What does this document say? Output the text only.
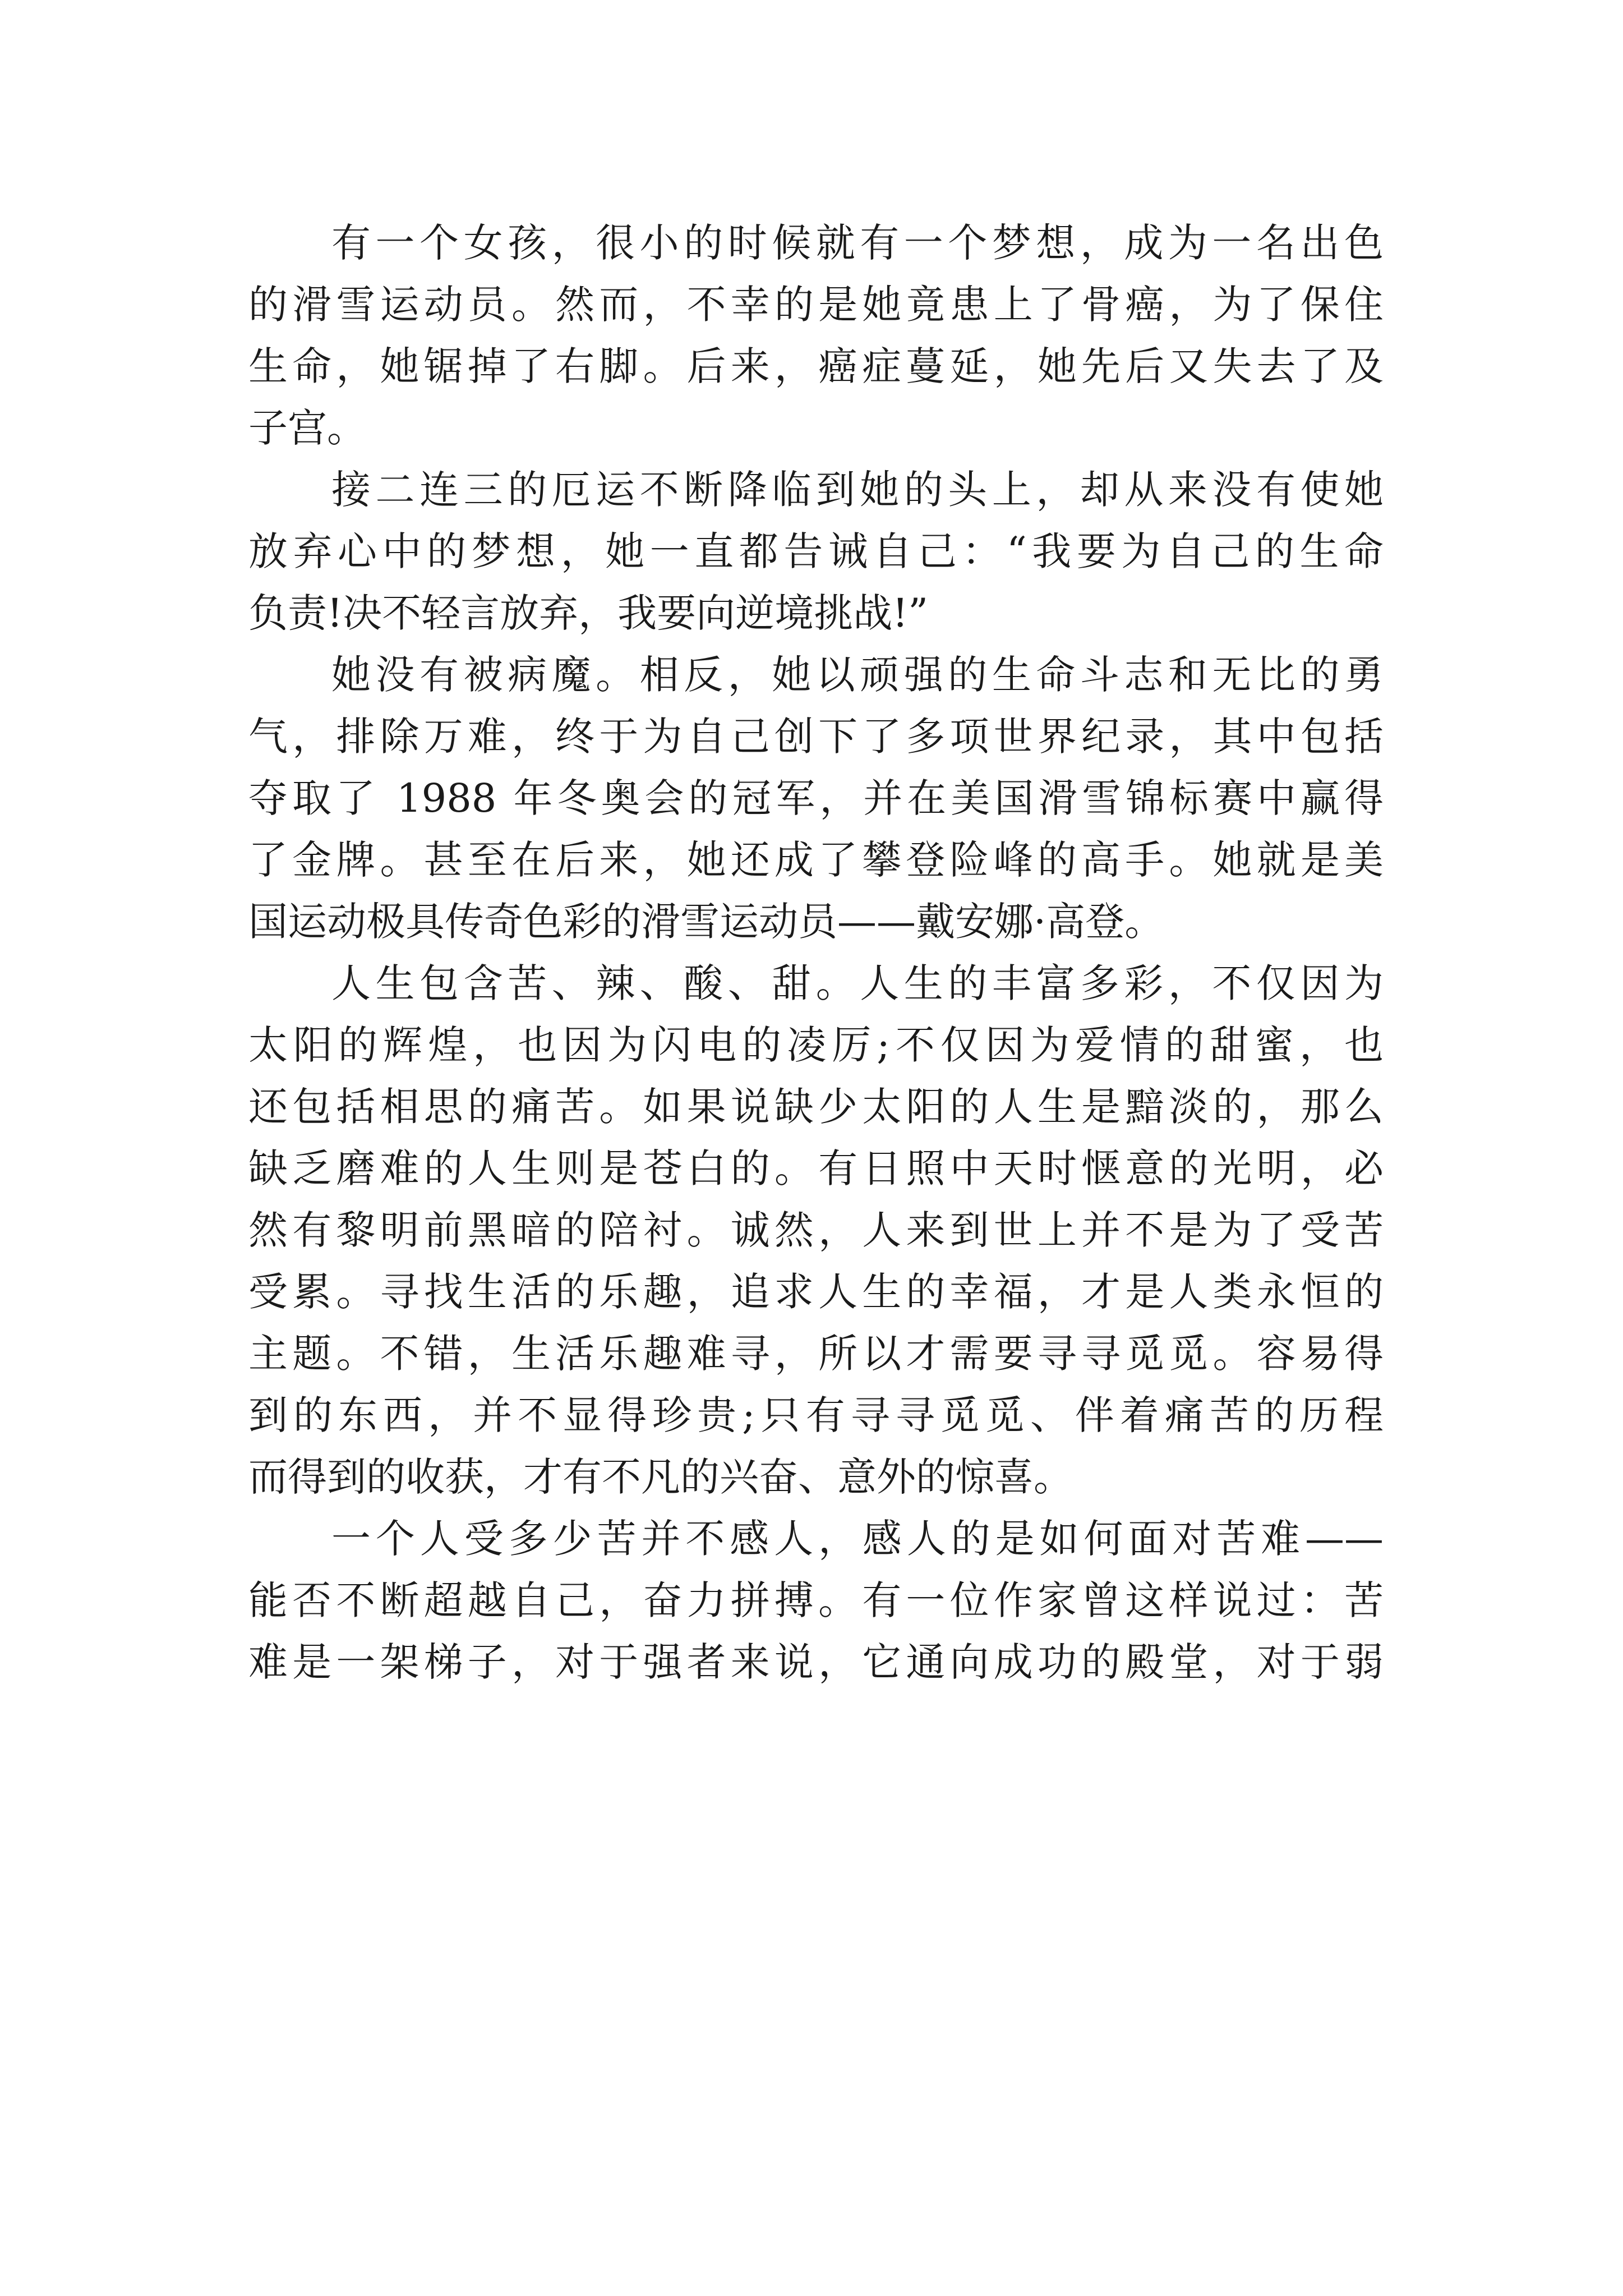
有一个女孩，很小的时候就有一个梦想，成为一名出色
的滑雪运动员。然而，不幸的是她竟患上了骨癌，为了保住
生命，她锯掉了右脚。后来，癌症蔓延，她先后又失去了及
子宫。
接二连三的厄运不断降临到她的头上，却从来没有使她
放弃心中的梦想，她一直都告诫自己：“我要为自己的生命
负责!决不轻言放弃，我要向逆境挑战!”
她没有被病魔。相反，她以顽强的生命斗志和无比的勇
气，排除万难，终于为自己创下了多项世界纪录，其中包括
夺取了 1988 年冬奥会的冠军，并在美国滑雪锦标赛中赢得
了金牌。甚至在后来，她还成了攀登险峰的高手。她就是美
国运动极具传奇色彩的滑雪运动员——戴安娜·高登。
人生包含苦、辣、酸、甜。人生的丰富多彩，不仅因为
太阳的辉煌，也因为闪电的凌厉;不仅因为爱情的甜蜜，也
还包括相思的痛苦。如果说缺少太阳的人生是黯淡的，那么
缺乏磨难的人生则是苍白的。有日照中天时惬意的光明，必
然有黎明前黑暗的陪衬。诚然，人来到世上并不是为了受苦
受累。寻找生活的乐趣，追求人生的幸福，才是人类永恒的
主题。不错，生活乐趣难寻，所以才需要寻寻觅觅。容易得
到的东西，并不显得珍贵;只有寻寻觅觅、伴着痛苦的历程
而得到的收获，才有不凡的兴奋、意外的惊喜。
一个人受多少苦并不感人，感人的是如何面对苦难——
能否不断超越自己，奋力拼搏。有一位作家曾这样说过：苦
难是一架梯子，对于强者来说，它通向成功的殿堂，对于弱
